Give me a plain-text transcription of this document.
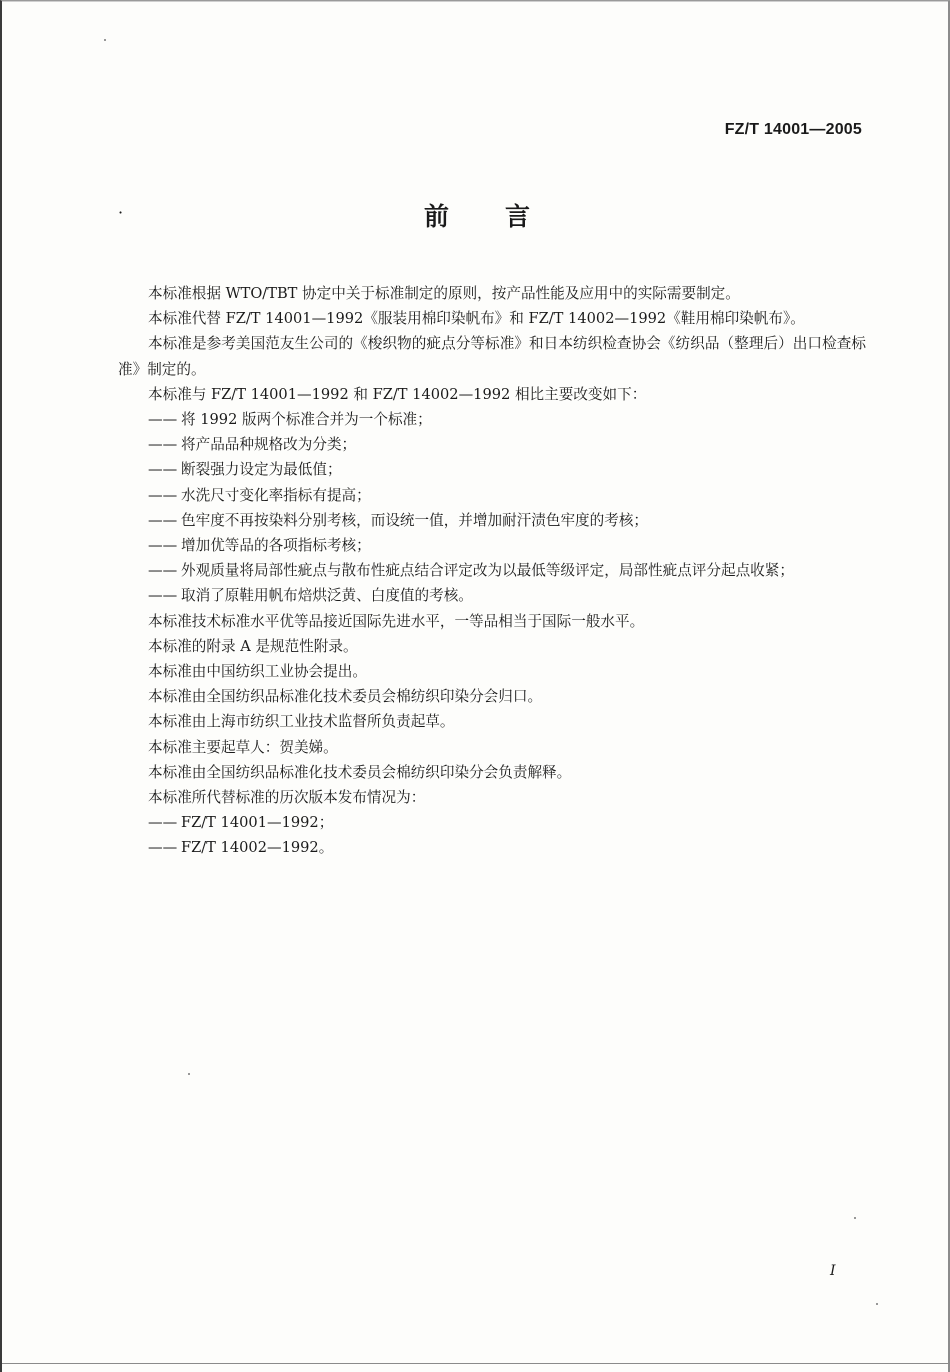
FZ/T 14001—2005
·	前言

本标准根据 WTO/TBT 协定中关于标准制定的原则，按产品性能及应用中的实际需要制定。

本标准代替 FZ/T 14001—1992《服装用棉印染帆布》和 FZ/T 14002—1992《鞋用棉印染帆布》。

本标准是参考美国范友生公司的《梭织物的疵点分等标准》和日本纺织检查协会《纺织品（整理后）出口检查标准》制定的。

本标准与 FZ/T 14001—1992 和 FZ/T 14002—1992 相比主要改变如下：

—— 将 1992 版两个标准合并为一个标准；

—— 将产品品种规格改为分类；

—— 断裂强力设定为最低值；

—— 水洗尺寸变化率指标有提高；

—— 色牢度不再按染料分别考核，而设统一值，并增加耐汗渍色牢度的考核；

—— 增加优等品的各项指标考核；

—— 外观质量将局部性疵点与散布性疵点结合评定改为以最低等级评定，局部性疵点评分起点收紧；

—— 取消了原鞋用帆布焙烘泛黄、白度值的考核。

本标准技术标准水平优等品接近国际先进水平，一等品相当于国际一般水平。

本标准的附录 A 是规范性附录。

本标准由中国纺织工业协会提出。

本标准由全国纺织品标准化技术委员会棉纺织印染分会归口。

本标准由上海市纺织工业技术监督所负责起草。

本标准主要起草人：贺美娣。

本标准由全国纺织品标准化技术委员会棉纺织印染分会负责解释。

本标准所代替标准的历次版本发布情况为：

—— FZ/T 14001—1992；

—— FZ/T 14002—1992。

I
